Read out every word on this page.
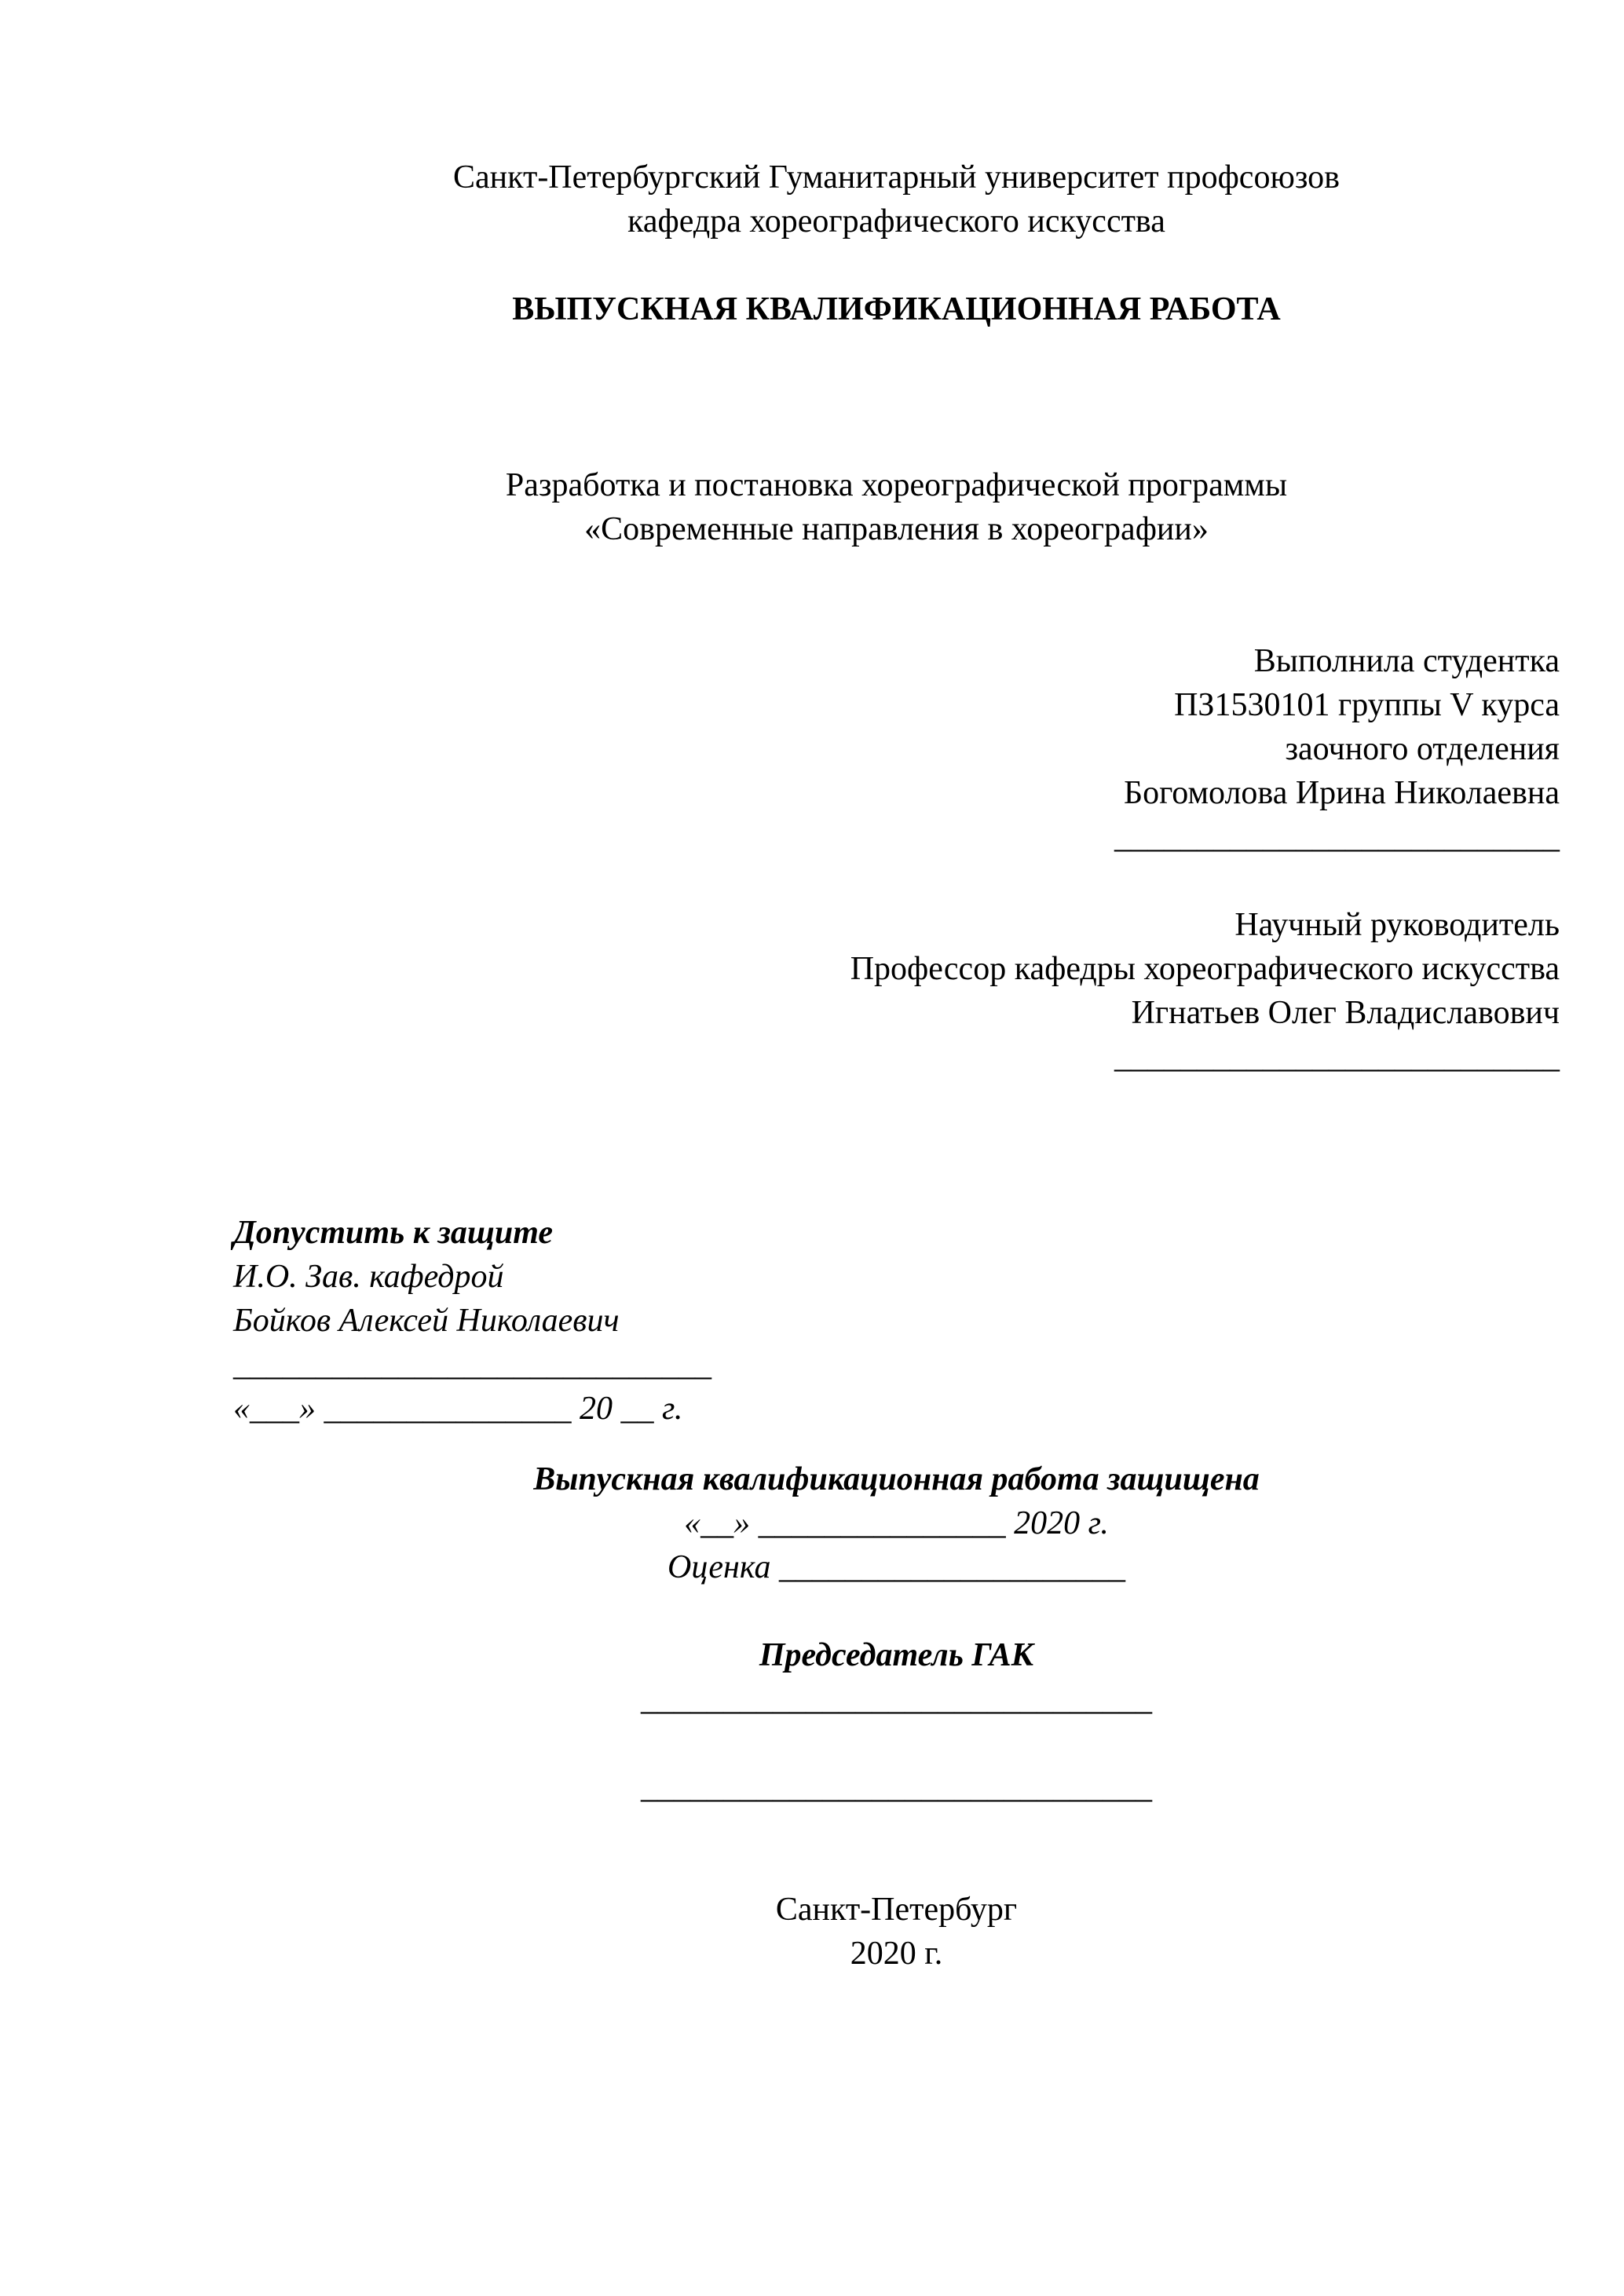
Санкт-Петербургский Гуманитарный университет профсоюзов
кафедра хореографического искусства
ВЫПУСКНАЯ КВАЛИФИКАЦИОННАЯ РАБОТА
Разработка и постановка хореографической программы
«Современные направления в хореографии»
Выполнила студентка
ПЗ1530101 группы V курса
заочного отделения
Богомолова Ирина Николаевна
___________________________
Научный руководитель
Профессор кафедры хореографического искусства
Игнатьев Олег Владиславович
___________________________
Допустить к защите
И.О. Зав. кафедрой
Бойков Алексей Николаевич
_____________________________
«___» _______________ 20 __ г.
Выпускная квалификационная работа защищена
«__» _______________ 2020 г.
Оценка _____________________
Председатель ГАК
_______________________________
_______________________________
Санкт-Петербург
2020 г.
